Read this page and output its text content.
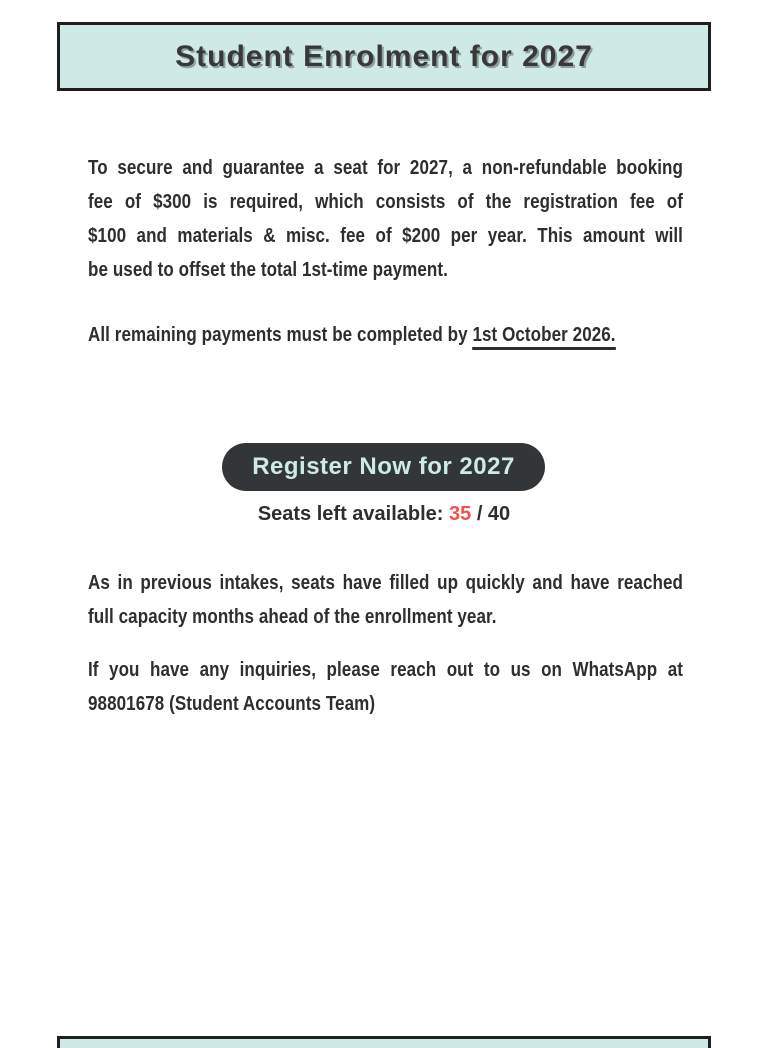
Student Enrolment for 2027
To secure and guarantee a seat for 2027, a non-refundable booking
fee of $300 is required, which consists of the registration fee of
$100 and materials & misc. fee of $200 per year. This amount will
be used to offset the total 1st-time payment.
All remaining payments must be completed by 1st October 2026.
Register Now for 2027
Seats left available: 35 / 40
As in previous intakes, seats have filled up quickly and have reached
full capacity months ahead of the enrollment year.
If you have any inquiries, please reach out to us on WhatsApp at
98801678 (Student Accounts Team)
